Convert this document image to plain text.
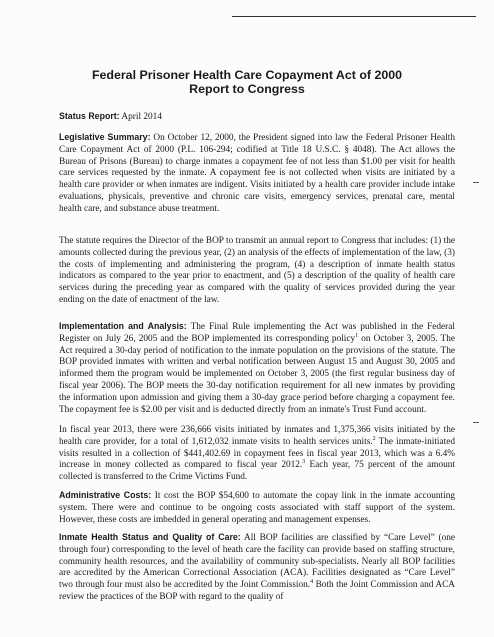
Federal Prisoner Health Care Copayment Act of 2000
Report to Congress
Status Report: April 2014
Legislative Summary: On October 12, 2000, the President signed into law the Federal Prisoner Health Care Copayment Act of 2000 (P.L. 106-294; codified at Title 18 U.S.C. § 4048). The Act allows the Bureau of Prisons (Bureau) to charge inmates a copayment fee of not less than $1.00 per visit for health care services requested by the inmate. A copayment fee is not collected when visits are initiated by a health care provider or when inmates are indigent. Visits initiated by a health care provider include intake evaluations, physicals, preventive and chronic care visits, emergency services, prenatal care, mental health care, and substance abuse treatment.
The statute requires the Director of the BOP to transmit an annual report to Congress that includes: (1) the amounts collected during the previous year, (2) an analysis of the effects of implementation of the law, (3) the costs of implementing and administering the program, (4) a description of inmate health status indicators as compared to the year prior to enactment, and (5) a description of the quality of health care services during the preceding year as compared with the quality of services provided during the year ending on the date of enactment of the law.
Implementation and Analysis: The Final Rule implementing the Act was published in the Federal Register on July 26, 2005 and the BOP implemented its corresponding policy$^1$ on October 3, 2005. The Act required a 30-day period of notification to the inmate population on the provisions of the statute. The BOP provided inmates with written and verbal notification between August 15 and August 30, 2005 and informed them the program would be implemented on October 3, 2005 (the first regular business day of fiscal year 2006). The BOP meets the 30-day notification requirement for all new inmates by providing the information upon admission and giving them a 30-day grace period before charging a copayment fee. The copayment fee is $2.00 per visit and is deducted directly from an inmate's Trust Fund account.
In fiscal year 2013, there were 236,666 visits initiated by inmates and 1,375,366 visits initiated by the health care provider, for a total of 1,612,032 inmate visits to health services units.$^2$ The inmate-initiated visits resulted in a collection of $441,402.69 in copayment fees in fiscal year 2013, which was a 6.4% increase in money collected as compared to fiscal year 2012.$^3$ Each year, 75 percent of the amount collected is transferred to the Crime Victims Fund.
Administrative Costs: It cost the BOP $54,600 to automate the copay link in the inmate accounting system. There were and continue to be ongoing costs associated with staff support of the system. However, these costs are imbedded in general operating and management expenses.
Inmate Health Status and Quality of Care: All BOP facilities are classified by “Care Level” (one through four) corresponding to the level of heath care the facility can provide based on staffing structure, community health resources, and the availability of community sub-specialists. Nearly all BOP facilities are accredited by the American Correctional Association (ACA). Facilities designated as “Care Level” two through four must also be accredited by the Joint Commission.$^4$ Both the Joint Commission and ACA review the practices of the BOP with regard to the quality of
